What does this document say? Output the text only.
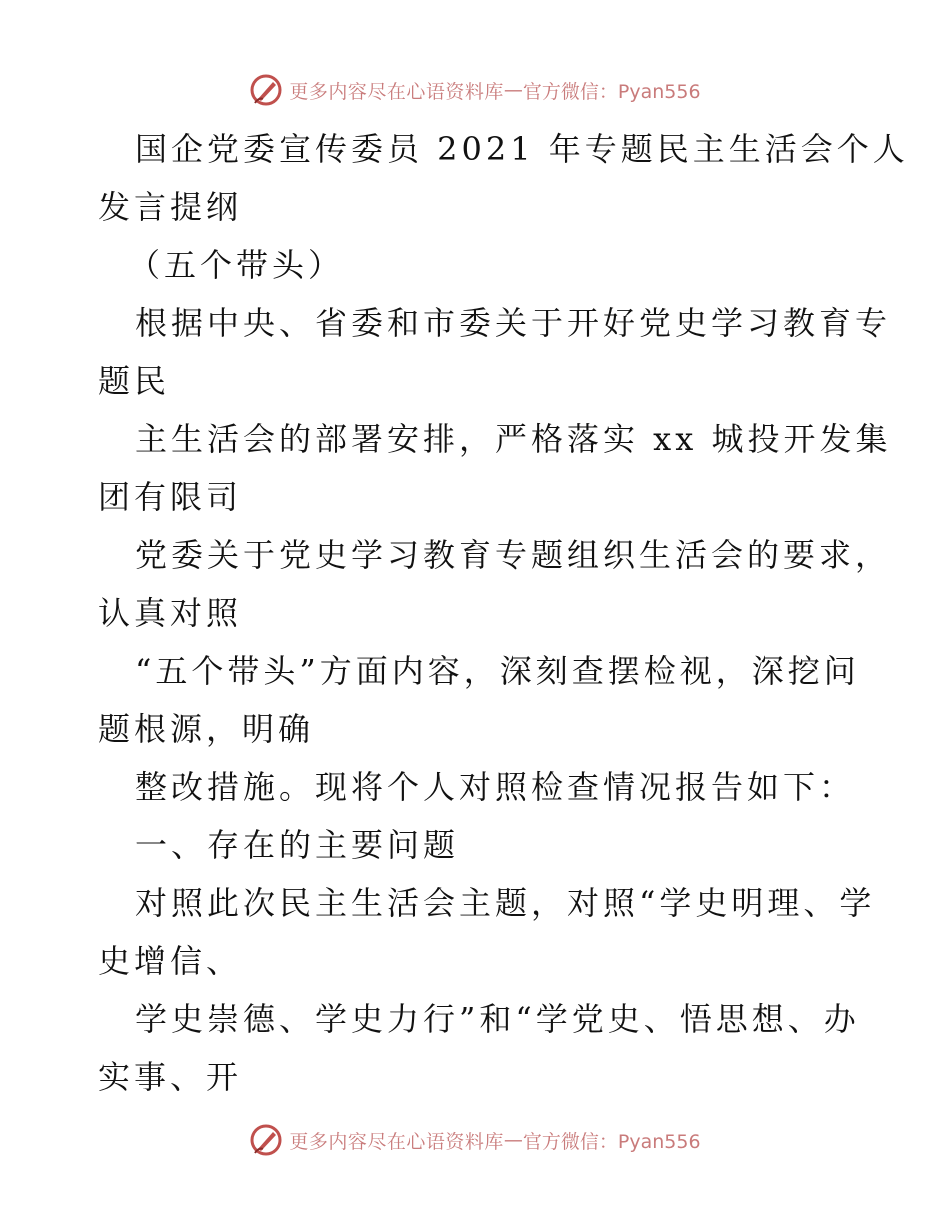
更多内容尽在心语资料库 — 官方微信：Pyan556
国企党委宣传委员 2021 年专题民主生活会个人
发言提纲
（五个带头）
根据中央、省委和市委关于开好党史学习教育专
题民
主生活会的部署安排，严格落实 xx 城投开发集
团有限司
党委关于党史学习教育专题组织生活会的要求，
认真对照
“五个带头”方面内容，深刻查摆检视，深挖问
题根源，明确
整改措施。现将个人对照检查情况报告如下：
一、存在的主要问题
对照此次民主生活会主题，对照“学史明理、学
史增信、
学史崇德、学史力行”和“学党史、悟思想、办
实事、开
更多内容尽在心语资料库 — 官方微信：Pyan556
